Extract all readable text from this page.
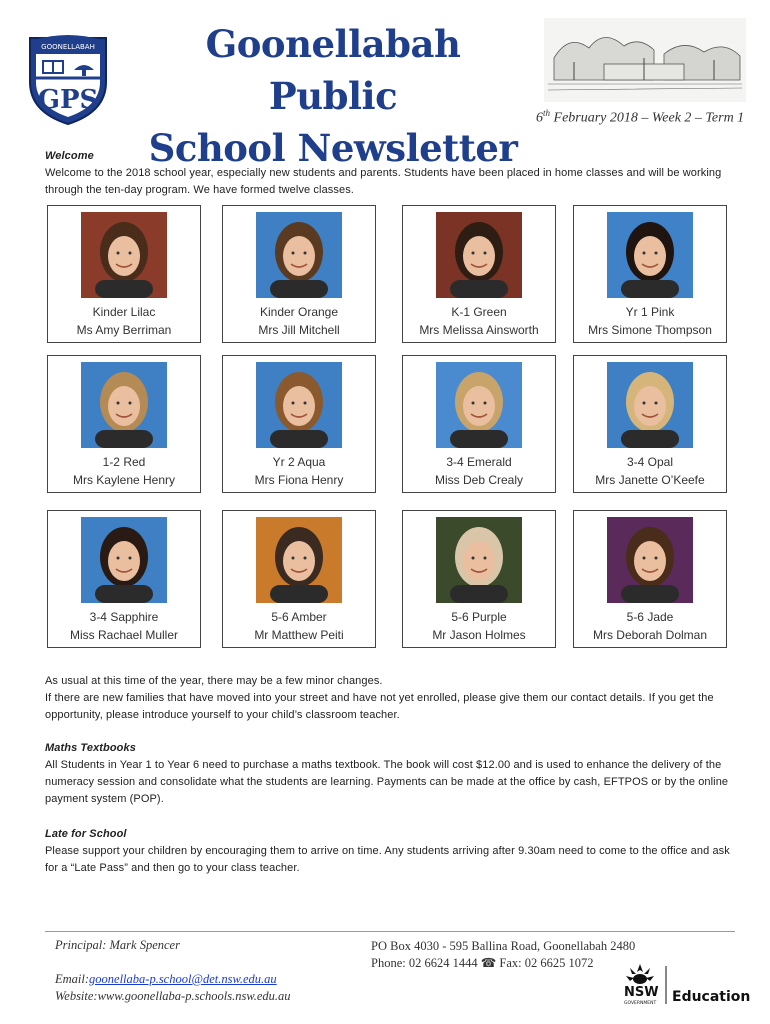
GOONELLABAH
GPS
Goonellabah Public
School Newsletter
6th February 2018 – Week 2 – Term 1

Welcome

Welcome to the 2018 school year, especially new students and parents. Students have been placed in home classes and will be working through the ten-day program. We have formed twelve classes.

Kinder Lilac
Ms Amy Berriman
Kinder Orange
Mrs Jill Mitchell
K-1 Green
Mrs Melissa Ainsworth
Yr 1 Pink
Mrs Simone Thompson
1-2 Red
Mrs Kaylene Henry
Yr 2 Aqua
Mrs Fiona Henry
3-4 Emerald
Miss Deb Crealy
3-4 Opal
Mrs Janette O’Keefe
3-4 Sapphire
Miss Rachael Muller
5-6 Amber
Mr Matthew Peiti
5-6 Purple
Mr Jason Holmes
5-6 Jade
Mrs Deborah Dolman

As usual at this time of the year, there may be a few minor changes.

If there are new families that have moved into your street and have not yet enrolled, please give them our contact details. If you get the opportunity, please introduce yourself to your child’s classroom teacher.

Maths Textbooks

All Students in Year 1 to Year 6 need to purchase a maths textbook. The book will cost $12.00 and is used to enhance the delivery of the numeracy session and consolidate what the students are learning. Payments can be made at the office by cash, EFTPOS or by the online payment system (POP).

Late for School

Please support your children by encouraging them to arrive on time. Any students arriving after 9.30am need to come to the office and ask for a “Late Pass” and then go to your class teacher.

Principal: Mark Spencer
Email:goonellaba-p.school@det.nsw.edu.au
Website:www.goonellaba-p.schools.nsw.edu.au
PO Box 4030 - 595 Ballina Road, Goonellabah 2480
Phone: 02 6624 1444 ☎ Fax: 02 6625 1072
NSW
GOVERNMENT Education
